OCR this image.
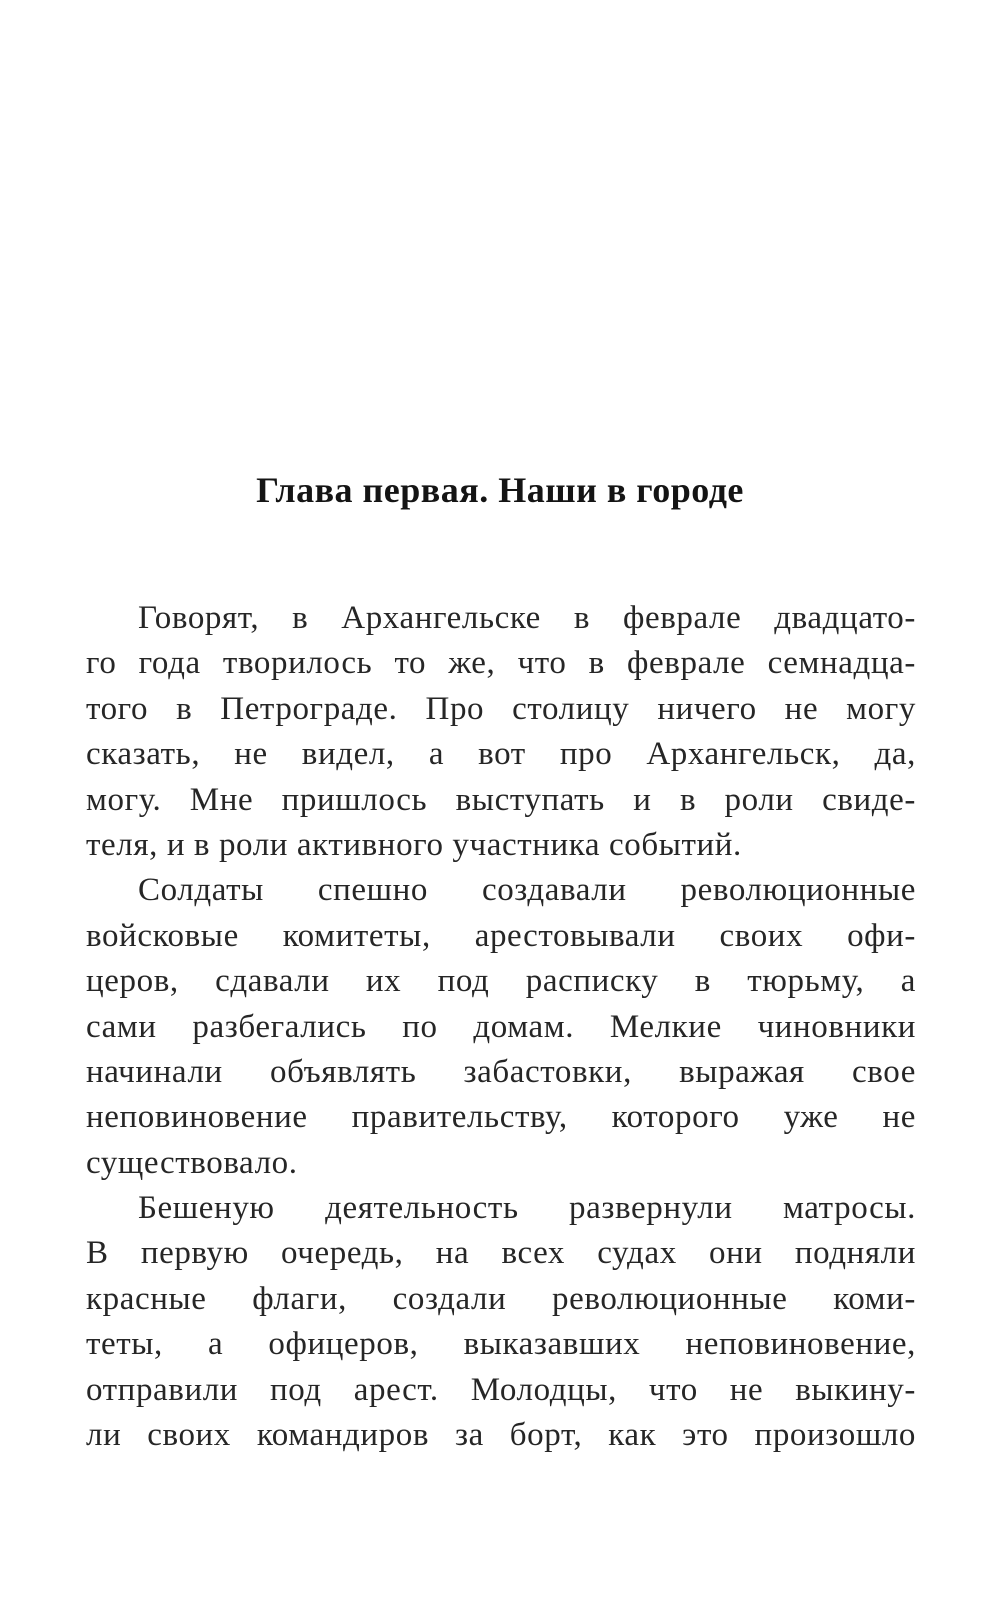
Глава первая. Наши в городе
Говорят, в Архангельске в феврале двадцато-
го года творилось то же, что в феврале семнадца-
того в Петрограде. Про столицу ничего не могу
сказать, не видел, а вот про Архангельск, да,
могу. Мне пришлось выступать и в роли свиде-
теля, и в роли активного участника событий.
Солдаты спешно создавали революционные
войсковые комитеты, арестовывали своих офи-
церов, сдавали их под расписку в тюрьму, а
сами разбегались по домам. Мелкие чиновники
начинали объявлять забастовки, выражая свое
неповиновение правительству, которого уже не
существовало.
Бешеную деятельность развернули матросы.
В первую очередь, на всех судах они подняли
красные флаги, создали революционные коми-
теты, а офицеров, выказавших неповиновение,
отправили под арест. Молодцы, что не выкину-
ли своих командиров за борт, как это произошло
